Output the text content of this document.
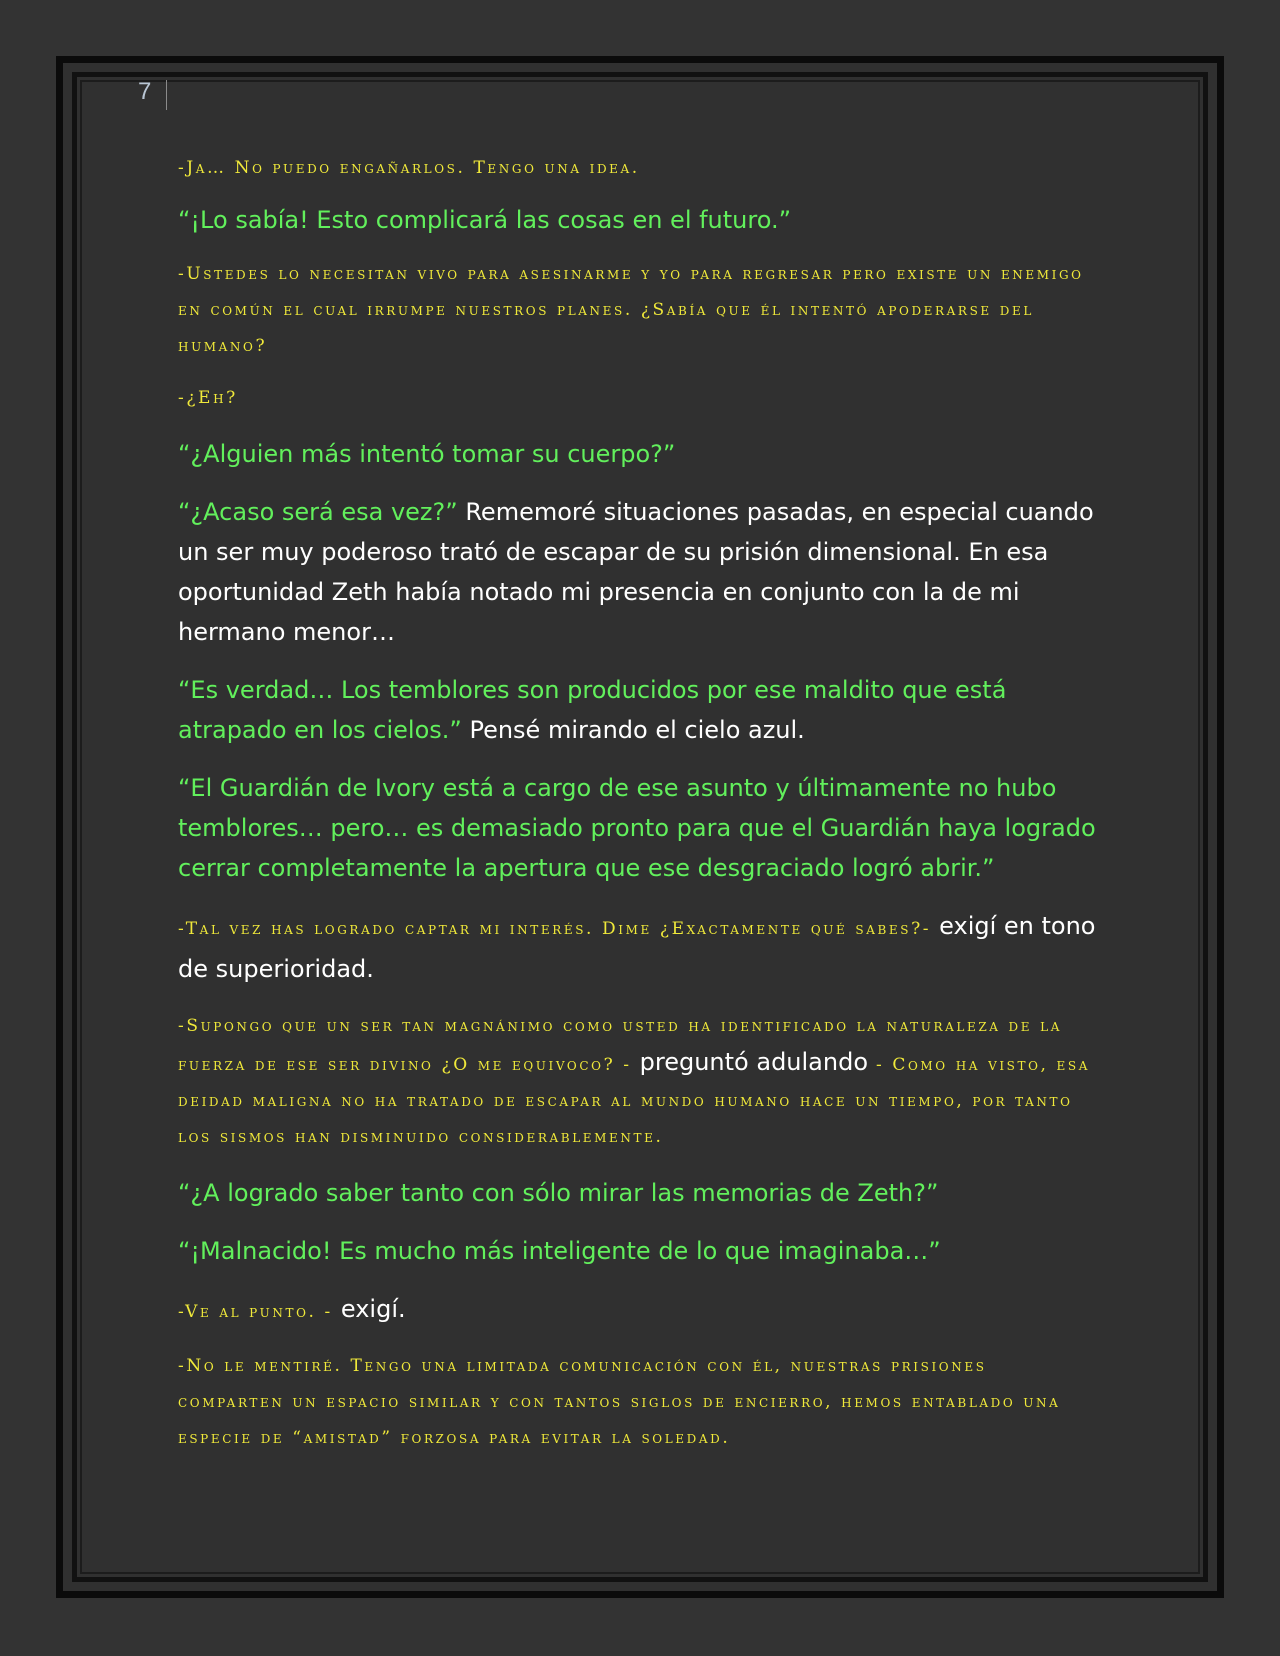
7

-Ja… No puedo engañarlos. Tengo una idea.

“¡Lo sabía! Esto complicará las cosas en el futuro.”

-Ustedes lo necesitan vivo para asesinarme y yo para regresar pero existe un enemigo en común el cual irrumpe nuestros planes. ¿Sabía que él intentó apoderarse del humano?

-¿Eh?

“¿Alguien más intentó tomar su cuerpo?”

“¿Acaso será esa vez?” Rememoré situaciones pasadas, en especial cuando un ser muy poderoso trató de escapar de su prisión dimensional. En esa oportunidad Zeth había notado mi presencia en conjunto con la de mi hermano menor…

“Es verdad… Los temblores son producidos por ese maldito que está atrapado en los cielos.” Pensé mirando el cielo azul.

“El Guardián de Ivory está a cargo de ese asunto y últimamente no hubo temblores… pero… es demasiado pronto para que el Guardián haya logrado cerrar completamente la apertura que ese desgraciado logró abrir.”

-Tal vez has logrado captar mi interés. Dime ¿Exactamente qué sabes?- exigí en tono de superioridad.

-Supongo que un ser tan magnánimo como usted ha identificado la naturaleza de la fuerza de ese ser divino ¿O me equivoco? - preguntó adulando - Como ha visto, esa deidad maligna no ha tratado de escapar al mundo humano hace un tiempo, por tanto los sismos han disminuido considerablemente.

“¿A logrado saber tanto con sólo mirar las memorias de Zeth?”

“¡Malnacido! Es mucho más inteligente de lo que imaginaba…”

-Ve al punto. - exigí.

-No le mentiré. Tengo una limitada comunicación con él, nuestras prisiones comparten un espacio similar y con tantos siglos de encierro, hemos entablado una especie de “amistad” forzosa para evitar la soledad.
